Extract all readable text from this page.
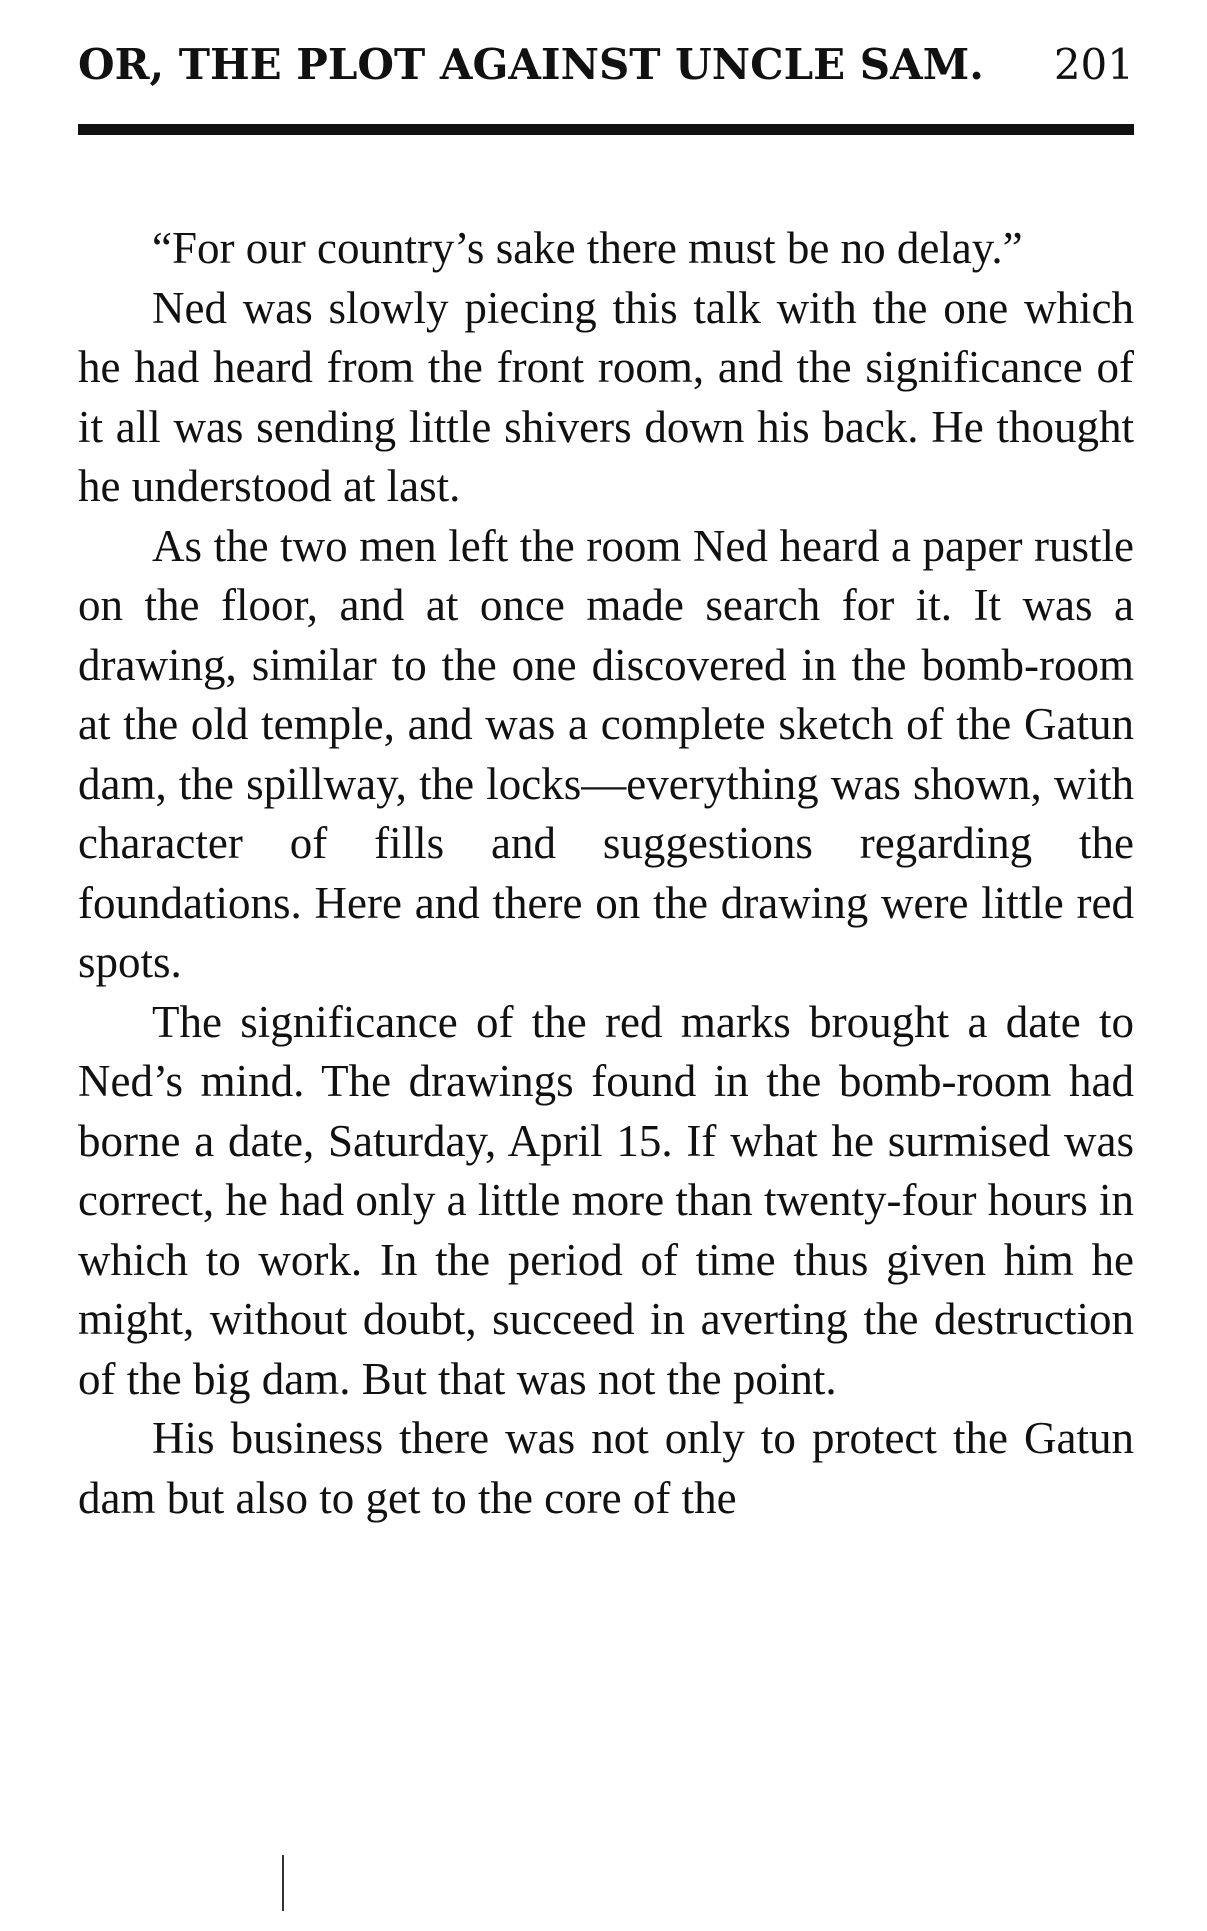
OR, THE PLOT AGAINST UNCLE SAM. 201

“For our country’s sake there must be no delay.”

Ned was slowly piecing this talk with the one which he had heard from the front room, and the significance of it all was sending little shivers down his back. He thought he understood at last.

As the two men left the room Ned heard a paper rustle on the floor, and at once made search for it. It was a drawing, similar to the one discovered in the bomb-room at the old temple, and was a complete sketch of the Gatun dam, the spillway, the locks—everything was shown, with character of fills and suggestions regarding the foundations. Here and there on the drawing were little red spots.

The significance of the red marks brought a date to Ned’s mind. The drawings found in the bomb-room had borne a date, Saturday, April 15. If what he surmised was correct, he had only a little more than twenty-four hours in which to work. In the period of time thus given him he might, without doubt, succeed in averting the destruction of the big dam. But that was not the point.

His business there was not only to protect the Gatun dam but also to get to the core of the
